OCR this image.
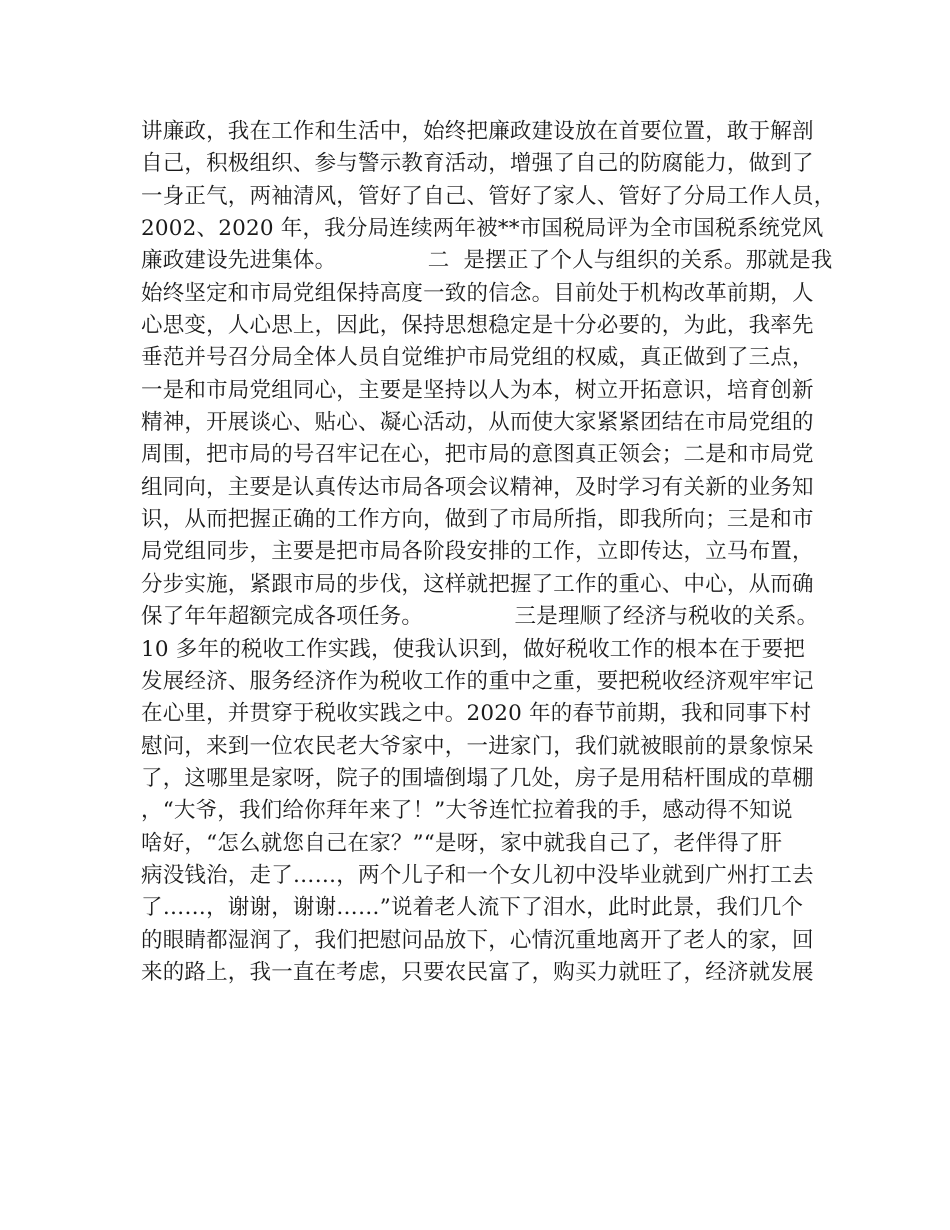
讲廉政，我在工作和生活中，始终把廉政建设放在首要位置，敢于解剖
自己，积极组织、参与警示教育活动，增强了自己的防腐能力，做到了
一身正气，两袖清风，管好了自己、管好了家人、管好了分局工作人员，
2002、2020 年，我分局连续两年被**市国税局评为全市国税系统党风
廉政建设先进集体。             二  是摆正了个人与组织的关系。那就是我
始终坚定和市局党组保持高度一致的信念。目前处于机构改革前期，人
心思变，人心思上，因此，保持思想稳定是十分必要的，为此，我率先
垂范并号召分局全体人员自觉维护市局党组的权威，真正做到了三点，
一是和市局党组同心，主要是坚持以人为本，树立开拓意识，培育创新
精神，开展谈心、贴心、凝心活动，从而使大家紧紧团结在市局党组的
周围，把市局的号召牢记在心，把市局的意图真正领会；二是和市局党
组同向，主要是认真传达市局各项会议精神，及时学习有关新的业务知
识，从而把握正确的工作方向，做到了市局所指，即我所向；三是和市
局党组同步，主要是把市局各阶段安排的工作，立即传达，立马布置，
分步实施，紧跟市局的步伐，这样就把握了工作的重心、中心，从而确
保了年年超额完成各项任务。             三是理顺了经济与税收的关系。
10 多年的税收工作实践，使我认识到，做好税收工作的根本在于要把
发展经济、服务经济作为税收工作的重中之重，要把税收经济观牢牢记
在心里，并贯穿于税收实践之中。2020 年的春节前期，我和同事下村
慰问，来到一位农民老大爷家中，一进家门，我们就被眼前的景象惊呆
了，这哪里是家呀，院子的围墙倒塌了几处，房子是用秸杆围成的草棚
，“大爷，我们给你拜年来了！”大爷连忙拉着我的手，感动得不知说
啥好，“怎么就您自己在家？”“是呀，家中就我自己了，老伴得了肝
病没钱治，走了……，两个儿子和一个女儿初中没毕业就到广州打工去
了……，谢谢，谢谢……”说着老人流下了泪水，此时此景，我们几个
的眼睛都湿润了，我们把慰问品放下，心情沉重地离开了老人的家，回
来的路上，我一直在考虑，只要农民富了，购买力就旺了，经济就发展
